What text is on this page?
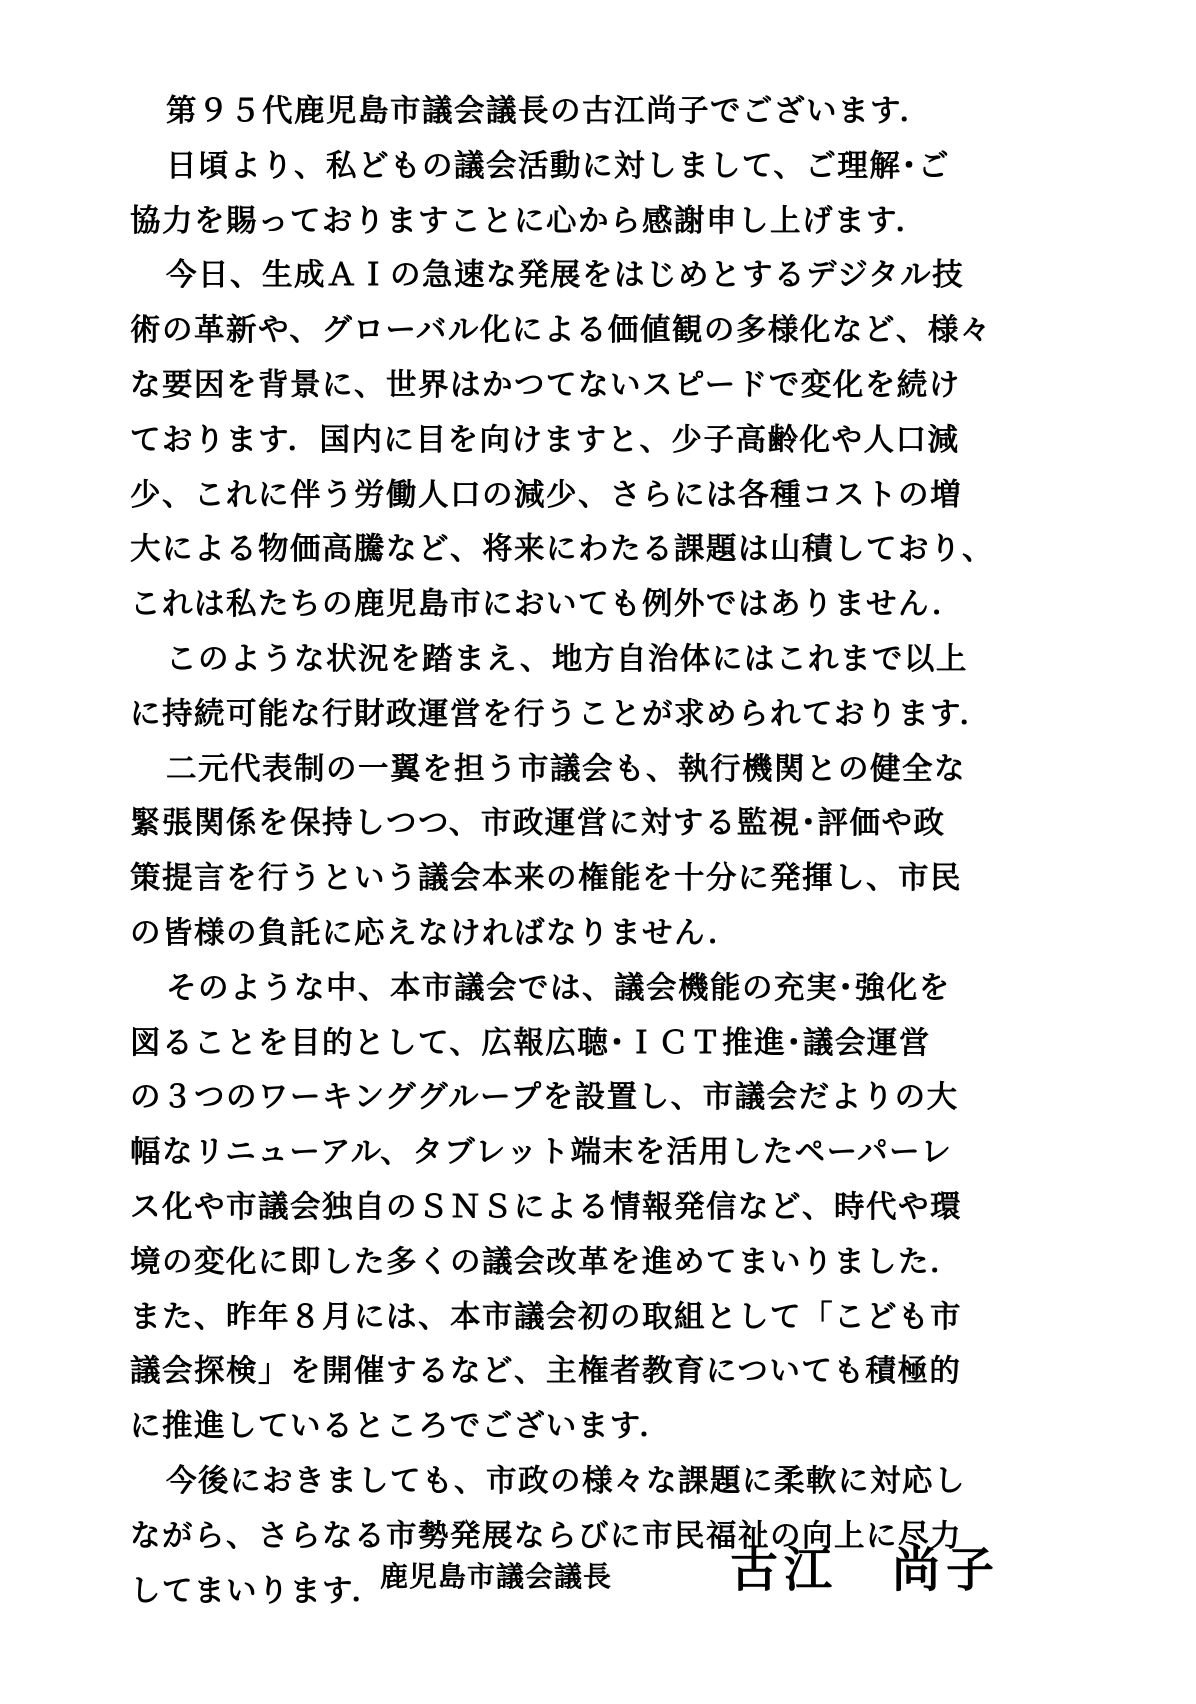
第９５代鹿児島市議会議長の古江尚子でございます．
日頃より、私どもの議会活動に対しまして、ご理解･ご
協力を賜っておりますことに心から感謝申し上げます．
今日、生成ＡＩの急速な発展をはじめとするデジタル技
術の革新や、グローバル化による価値観の多様化など、様々
な要因を背景に、世界はかつてないスピードで変化を続け
ております．国内に目を向けますと、少子高齢化や人口減
少、これに伴う労働人口の減少、さらには各種コストの増
大による物価高騰など、将来にわたる課題は山積しており、
これは私たちの鹿児島市においても例外ではありません．
このような状況を踏まえ、地方自治体にはこれまで以上
に持続可能な行財政運営を行うことが求められております．
二元代表制の一翼を担う市議会も、執行機関との健全な
緊張関係を保持しつつ、市政運営に対する監視･評価や政
策提言を行うという議会本来の権能を十分に発揮し、市民
の皆様の負託に応えなければなりません．
そのような中、本市議会では、議会機能の充実･強化を
図ることを目的として、広報広聴･ＩＣＴ推進･議会運営
の３つのワーキンググループを設置し、市議会だよりの大
幅なリニューアル、タブレット端末を活用したペーパーレ
ス化や市議会独自のＳＮＳによる情報発信など、時代や環
境の変化に即した多くの議会改革を進めてまいりました．
また、昨年８月には、本市議会初の取組として「こども市
議会探検」を開催するなど、主権者教育についても積極的
に推進しているところでございます．
今後におきましても、市政の様々な課題に柔軟に対応し
ながら、さらなる市勢発展ならびに市民福祉の向上に尽力
してまいります．
鹿児島市議会議長 古江　尚子
